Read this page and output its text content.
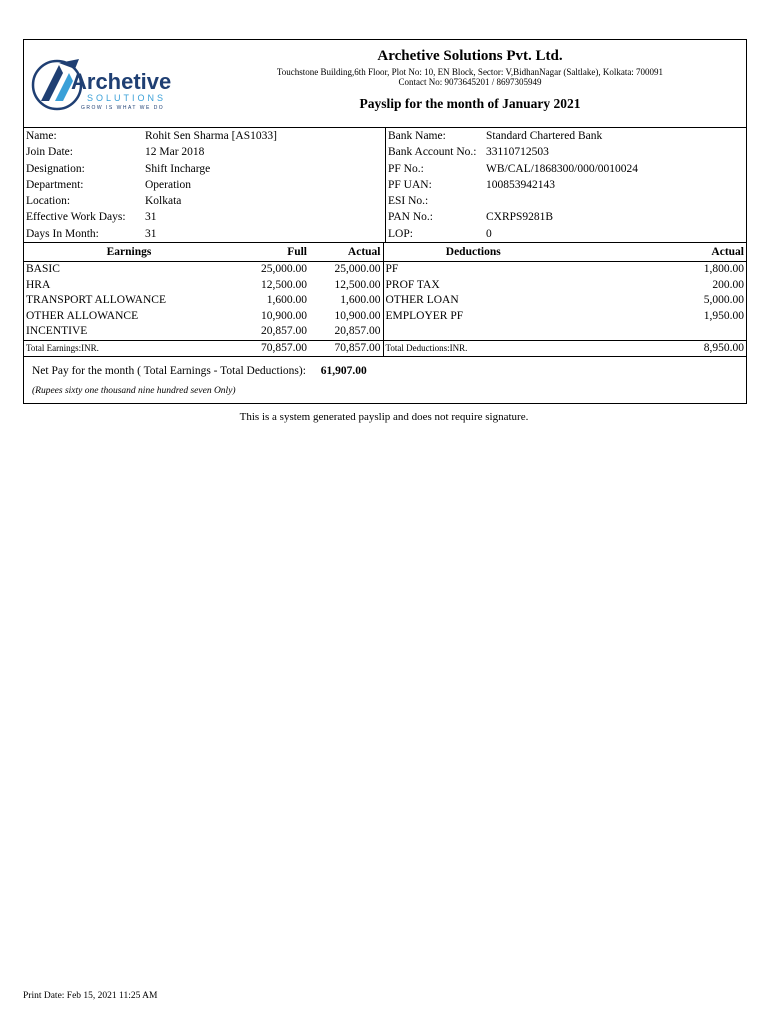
Archetive
SOLUTIONS
GROW IS WHAT WE DO
Archetive Solutions Pvt. Ltd.
Touchstone Building,6th Floor, Plot No: 10, EN Block, Sector: V,BidhanNagar (Saltlake), Kolkata: 700091
Contact No: 9073645201 / 8697305949
Payslip for the month of January 2021
Name:	Rohit Sen Sharma [AS1033]
Join Date:	12 Mar 2018
Designation:	Shift Incharge
Department:	Operation
Location:	Kolkata
Effective Work Days:	31
Days In Month:	31
Bank Name:	Standard Chartered Bank
Bank Account No.: 33110712503
PF No.:	WB/CAL/1868300/000/0010024
PF UAN:	100853942143
ESI No.:
PAN No.:	CXRPS9281B
LOP:	0
Earnings	Full	Actual	Deductions	Actual
BASIC	25,000.00	25,000.00	PF	1,800.00
HRA	12,500.00	12,500.00	PROF TAX	200.00
TRANSPORT ALLOWANCE	1,600.00	1,600.00	OTHER LOAN	5,000.00
OTHER ALLOWANCE	10,900.00	10,900.00	EMPLOYER PF	1,950.00
INCENTIVE	20,857.00	20,857.00		
Total Earnings:INR.	70,857.00	70,857.00	Total Deductions:INR.	8,950.00
Net Pay for the month ( Total Earnings - Total Deductions): 61,907.00
(Rupees sixty one thousand nine hundred seven Only)
This is a system generated payslip and does not require signature.
Print Date: Feb 15, 2021 11:25 AM
